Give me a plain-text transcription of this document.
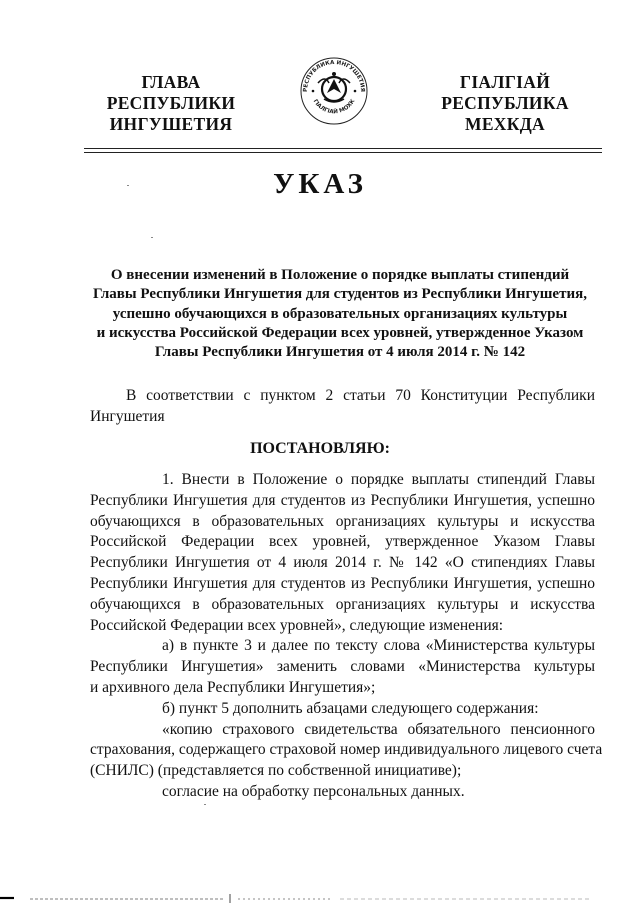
ГЛАВА
РЕСПУБЛИКИ
ИНГУШЕТИЯ
РЕСПУБЛИКА ИНГУШЕТИЯ
ГIАЛГIАЙ МОХК
ГIАЛГIАЙ
РЕСПУБЛИКА
МЕХКДА
УКАЗ
О внесении изменений в Положение о порядке выплаты стипендий
Главы Республики Ингушетия для студентов из Республики Ингушетия,
успешно обучающихся в образовательных организациях культуры
и искусства Российской Федерации всех уровней, утвержденное Указом
Главы Республики Ингушетия от 4 июля 2014 г. № 142
В соответствии с пунктом 2 статьи 70 Конституции Республики
Ингушетия
ПОСТАНОВЛЯЮ:
1. Внести в Положение о порядке выплаты стипендий Главы
Республики Ингушетия для студентов из Республики Ингушетия, успешно
обучающихся в образовательных организациях культуры и искусства
Российской Федерации всех уровней, утвержденное Указом Главы
Республики Ингушетия от 4 июля 2014 г. № 142 «О стипендиях Главы
Республики Ингушетия для студентов из Республики Ингушетия, успешно
обучающихся в образовательных организациях культуры и искусства
Российской Федерации всех уровней», следующие изменения:
а) в пункте 3 и далее по тексту слова «Министерства культуры
Республики Ингушетия» заменить словами «Министерства культуры
и архивного дела Республики Ингушетия»;
б) пункт 5 дополнить абзацами следующего содержания:
«копию страхового свидетельства обязательного пенсионного
страхования, содержащего страховой номер индивидуального лицевого счета
(СНИЛС) (представляется по собственной инициативе);
согласие на обработку персональных данных.
